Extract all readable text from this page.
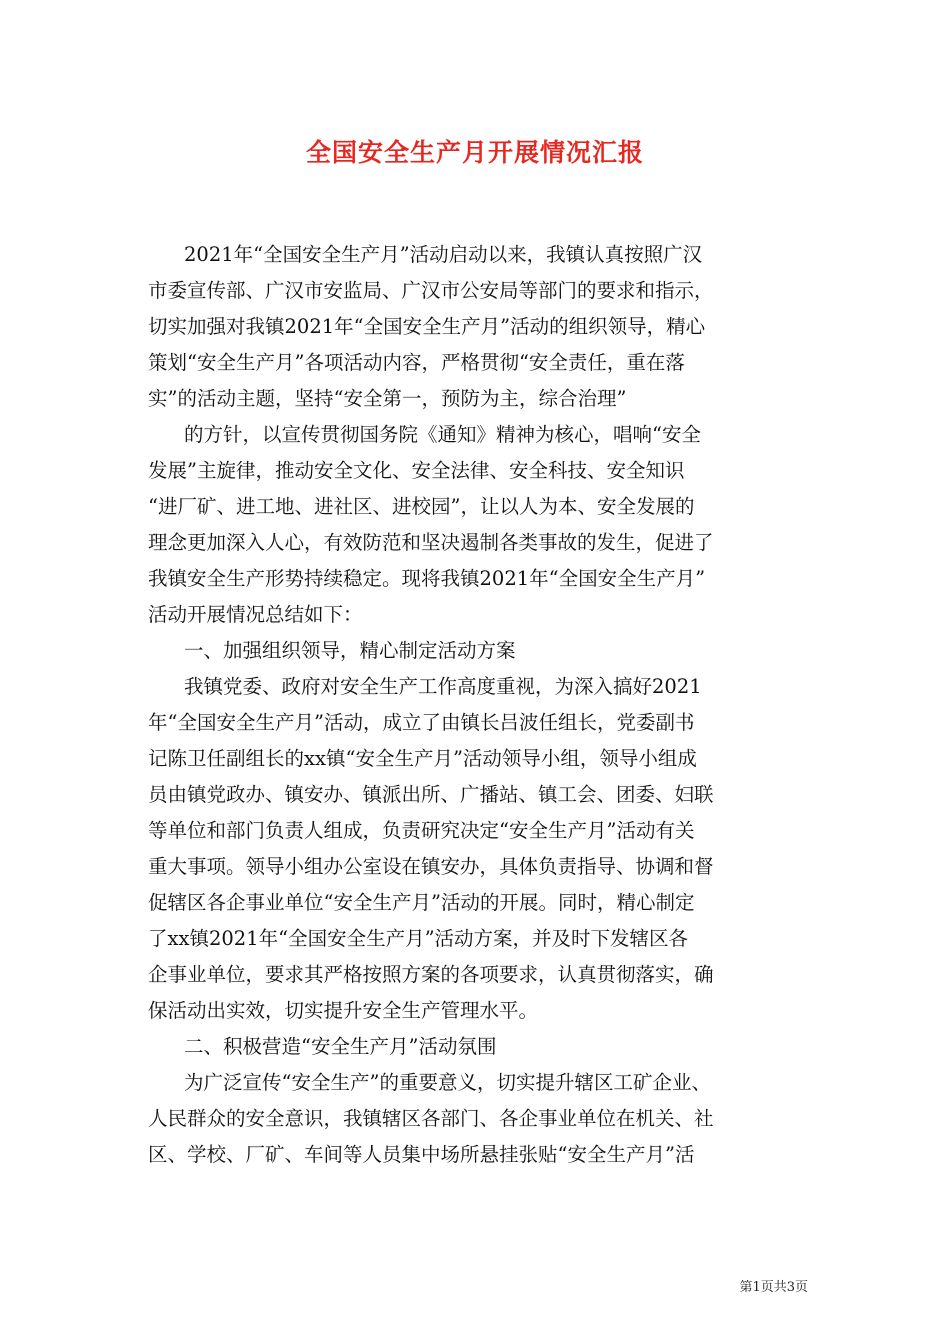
全国安全生产月开展情况汇报
2021年“全国安全生产月”活动启动以来，我镇认真按照广汉
市委宣传部、广汉市安监局、广汉市公安局等部门的要求和指示，
切实加强对我镇2021年“全国安全生产月”活动的组织领导，精心
策划“安全生产月”各项活动内容，严格贯彻“安全责任，重在落
实”的活动主题，坚持“安全第一，预防为主，综合治理”
的方针，以宣传贯彻国务院《通知》精神为核心，唱响“安全
发展”主旋律，推动安全文化、安全法律、安全科技、安全知识
“进厂矿、进工地、进社区、进校园”，让以人为本、安全发展的
理念更加深入人心，有效防范和坚决遏制各类事故的发生，促进了
我镇安全生产形势持续稳定。现将我镇2021年“全国安全生产月”
活动开展情况总结如下：
一、加强组织领导，精心制定活动方案
我镇党委、政府对安全生产工作高度重视，为深入搞好2021
年“全国安全生产月”活动，成立了由镇长吕波任组长，党委副书
记陈卫任副组长的xx镇“安全生产月”活动领导小组，领导小组成
员由镇党政办、镇安办、镇派出所、广播站、镇工会、团委、妇联
等单位和部门负责人组成，负责研究决定“安全生产月”活动有关
重大事项。领导小组办公室设在镇安办，具体负责指导、协调和督
促辖区各企事业单位“安全生产月”活动的开展。同时，精心制定
了xx镇2021年“全国安全生产月”活动方案，并及时下发辖区各
企事业单位，要求其严格按照方案的各项要求，认真贯彻落实，确
保活动出实效，切实提升安全生产管理水平。
二、积极营造“安全生产月”活动氛围
为广泛宣传“安全生产”的重要意义，切实提升辖区工矿企业、
人民群众的安全意识，我镇辖区各部门、各企事业单位在机关、社
区、学校、厂矿、车间等人员集中场所悬挂张贴“安全生产月”活
第1页共3页
